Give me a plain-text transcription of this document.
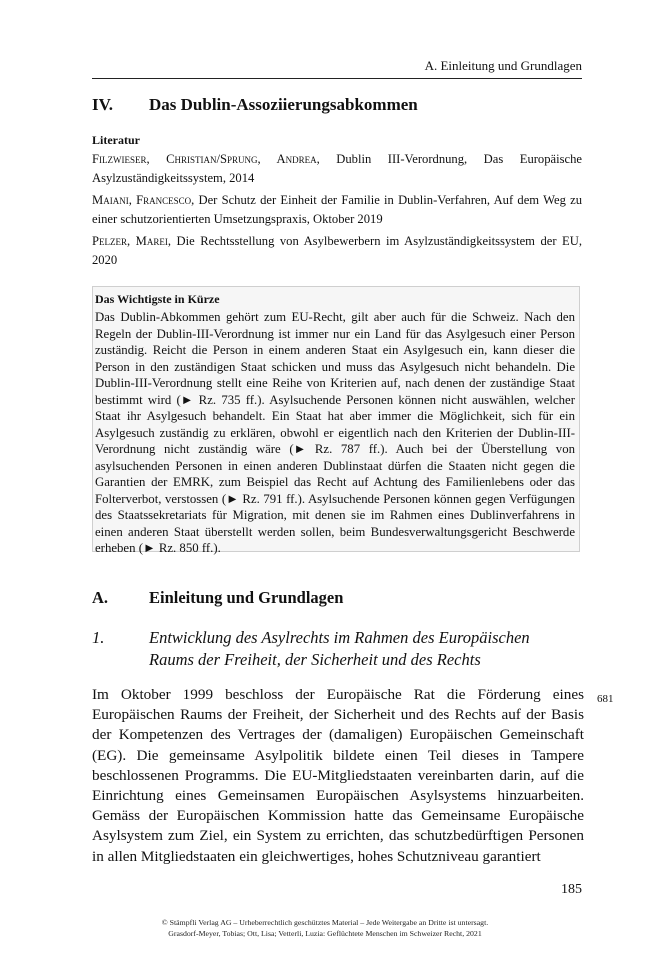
A. Einleitung und Grundlagen
IV. Das Dublin-Assoziierungsabkommen
Literatur

Filzwieser, Christian/Sprung, Andrea, Dublin III-Verordnung, Das Europäische Asylzuständigkeitssystem, 2014

Maiani, Francesco, Der Schutz der Einheit der Familie in Dublin-Verfahren, Auf dem Weg zu einer schutzorientierten Umsetzungspraxis, Oktober 2019

Pelzer, Marei, Die Rechtsstellung von Asylbewerbern im Asylzuständigkeitssystem der EU, 2020

Das Wichtigste in Kürze

Das Dublin-Abkommen gehört zum EU-Recht, gilt aber auch für die Schweiz. Nach den Regeln der Dublin-III-Verordnung ist immer nur ein Land für das Asylgesuch einer Person zuständig. Reicht die Person in einem anderen Staat ein Asylgesuch ein, kann dieser die Person in den zuständigen Staat schicken und muss das Asylgesuch nicht behandeln. Die Dublin-III-Verordnung stellt eine Reihe von Kriterien auf, nach denen der zuständige Staat bestimmt wird (► Rz. 735 ff.). Asylsuchende Personen können nicht auswählen, welcher Staat ihr Asylgesuch behandelt. Ein Staat hat aber immer die Möglichkeit, sich für ein Asylgesuch zuständig zu erklären, obwohl er eigentlich nach den Kriterien der Dublin-III-Verordnung nicht zuständig wäre (► Rz. 787 ff.). Auch bei der Überstellung von asylsuchenden Personen in einen anderen Dublinstaat dürfen die Staaten nicht gegen die Garantien der EMRK, zum Beispiel das Recht auf Achtung des Familienlebens oder das Folterverbot, verstossen (► Rz. 791 ff.). Asylsuchende Personen können gegen Verfügungen des Staatssekretariats für Migration, mit denen sie im Rahmen eines Dublinverfahrens in einen anderen Staat überstellt werden sollen, beim Bundesverwaltungsgericht Beschwerde erheben (► Rz. 850 ff.).

A. Einleitung und Grundlagen
1.	Entwicklung des Asylrechts im Rahmen des Europäischen
Raums der Freiheit, der Sicherheit und des Rechts

Im Oktober 1999 beschloss der Europäische Rat die Förderung eines Europäischen Raums der Freiheit, der Sicherheit und des Rechts auf der Basis der Kompetenzen des Vertrages der (damaligen) Europäischen Gemeinschaft (EG). Die gemeinsame Asylpolitik bildete einen Teil dieses in Tampere beschlossenen Programms. Die EU-Mitgliedstaaten vereinbarten darin, auf die Einrichtung eines Gemeinsamen Europäischen Asylsystems hinzuarbeiten. Gemäss der Europäischen Kommission hatte das Gemeinsame Europäische Asylsystem zum Ziel, ein System zu errichten, das schutzbedürftigen Personen in allen Mitgliedstaaten ein gleichwertiges, hohes Schutzniveau garantiert

681
185
© Stämpfli Verlag AG – Urheberrechtlich geschütztes Material – Jede Weitergabe an Dritte ist untersagt.
Grasdorf-Meyer, Tobias; Ott, Lisa; Vetterli, Luzia: Geflüchtete Menschen im Schweizer Recht, 2021
